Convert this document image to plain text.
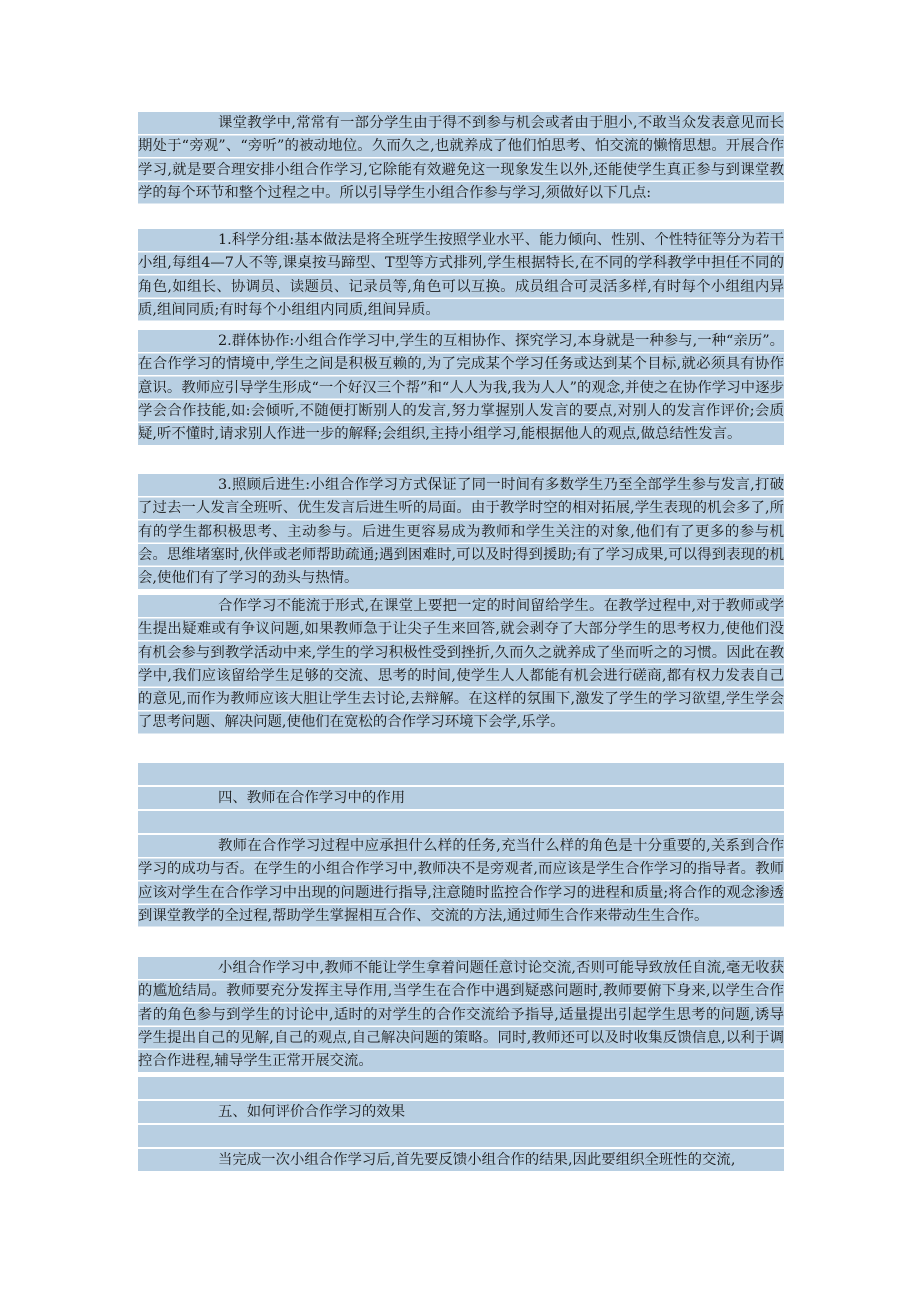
课堂教学中,常常有一部分学生由于得不到参与机会或者由于胆小,不敢当众发表意见而长期处于“旁观”、“旁听”的被动地位。久而久之,也就养成了他们怕思考、怕交流的懒惰思想。开展合作学习,就是要合理安排小组合作学习,它除能有效避免这一现象发生以外,还能使学生真正参与到课堂教学的每个环节和整个过程之中。所以引导学生小组合作参与学习,须做好以下几点:

1.科学分组:基本做法是将全班学生按照学业水平、能力倾向、性别、个性特征等分为若干小组,每组4—7人不等,课桌按马蹄型、T型等方式排列,学生根据特长,在不同的学科教学中担任不同的角色,如组长、协调员、读题员、记录员等,角色可以互换。成员组合可灵活多样,有时每个小组组内异质,组间同质;有时每个小组组内同质,组间异质。

2.群体协作:小组合作学习中,学生的互相协作、探究学习,本身就是一种参与,一种“亲历”。在合作学习的情境中,学生之间是积极互赖的,为了完成某个学习任务或达到某个目标,就必须具有协作意识。教师应引导学生形成“一个好汉三个帮”和“人人为我,我为人人”的观念,并使之在协作学习中逐步学会合作技能,如:会倾听,不随便打断别人的发言,努力掌握别人发言的要点,对别人的发言作评价;会质疑,听不懂时,请求别人作进一步的解释;会组织,主持小组学习,能根据他人的观点,做总结性发言。

3.照顾后进生:小组合作学习方式保证了同一时间有多数学生乃至全部学生参与发言,打破了过去一人发言全班听、优生发言后进生听的局面。由于教学时空的相对拓展,学生表现的机会多了,所有的学生都积极思考、主动参与。后进生更容易成为教师和学生关注的对象,他们有了更多的参与机会。思维堵塞时,伙伴或老师帮助疏通;遇到困难时,可以及时得到援助;有了学习成果,可以得到表现的机会,使他们有了学习的劲头与热情。

合作学习不能流于形式,在课堂上要把一定的时间留给学生。在教学过程中,对于教师或学生提出疑难或有争议问题,如果教师急于让尖子生来回答,就会剥夺了大部分学生的思考权力,使他们没有机会参与到教学活动中来,学生的学习积极性受到挫折,久而久之就养成了坐而听之的习惯。因此在教学中,我们应该留给学生足够的交流、思考的时间,使学生人人都能有机会进行磋商,都有权力发表自己的意见,而作为教师应该大胆让学生去讨论,去辩解。在这样的氛围下,激发了学生的学习欲望,学生学会了思考问题、解决问题,使他们在宽松的合作学习环境下会学,乐学。

四、教师在合作学习中的作用

教师在合作学习过程中应承担什么样的任务,充当什么样的角色是十分重要的,关系到合作学习的成功与否。在学生的小组合作学习中,教师决不是旁观者,而应该是学生合作学习的指导者。教师应该对学生在合作学习中出现的问题进行指导,注意随时监控合作学习的进程和质量;将合作的观念渗透到课堂教学的全过程,帮助学生掌握相互合作、交流的方法,通过师生合作来带动生生合作。

小组合作学习中,教师不能让学生拿着问题任意讨论交流,否则可能导致放任自流,毫无收获的尴尬结局。教师要充分发挥主导作用,当学生在合作中遇到疑惑问题时,教师要俯下身来,以学生合作者的角色参与到学生的讨论中,适时的对学生的合作交流给予指导,适量提出引起学生思考的问题,诱导学生提出自己的见解,自己的观点,自己解决问题的策略。同时,教师还可以及时收集反馈信息,以利于调控合作进程,辅导学生正常开展交流。

五、如何评价合作学习的效果

当完成一次小组合作学习后,首先要反馈小组合作的结果,因此要组织全班性的交流,
